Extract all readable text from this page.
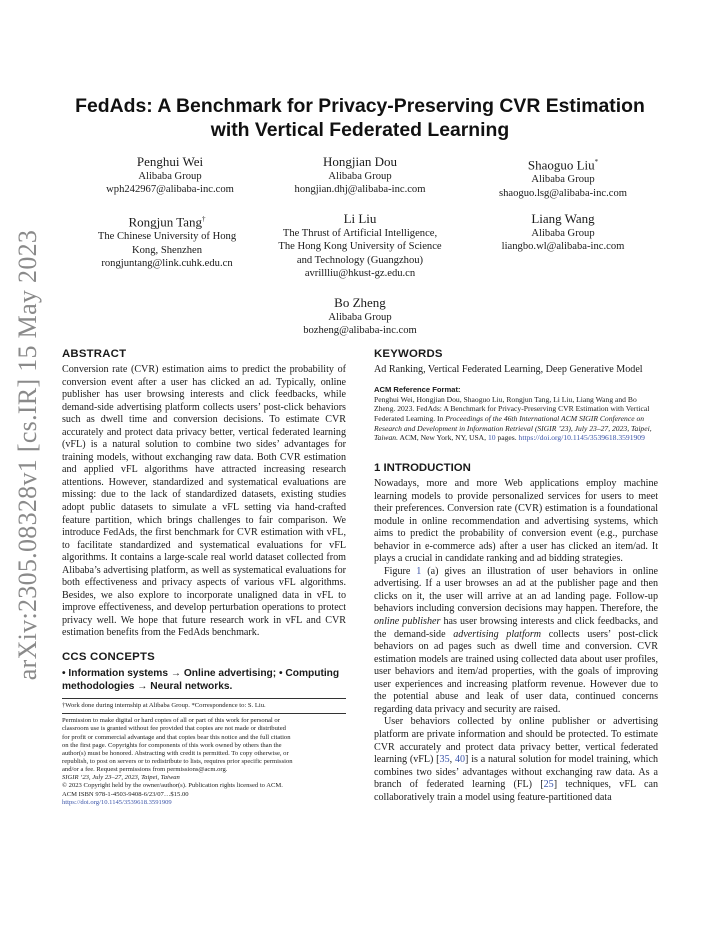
arXiv:2305.08328v1 [cs.IR] 15 May 2023
FedAds: A Benchmark for Privacy-Preserving CVR Estimation
with Vertical Federated Learning
Penghui Wei
Alibaba Group
wph242967@alibaba-inc.com
Hongjian Dou
Alibaba Group
hongjian.dhj@alibaba-inc.com
Shaoguo Liu*
Alibaba Group
shaoguo.lsg@alibaba-inc.com
Rongjun Tang†
The Chinese University of Hong
Kong, Shenzhen
rongjuntang@link.cuhk.edu.cn
Li Liu
The Thrust of Artificial Intelligence,
The Hong Kong University of Science
and Technology (Guangzhou)
avrillliu@hkust-gz.edu.cn
Liang Wang
Alibaba Group
liangbo.wl@alibaba-inc.com
Bo Zheng
Alibaba Group
bozheng@alibaba-inc.com
ABSTRACT

Conversion rate (CVR) estimation aims to predict the probability of conversion event after a user has clicked an ad. Typically, online publisher has user browsing interests and click feedbacks, while demand-side advertising platform collects users’ post-click behaviors such as dwell time and conversion decisions. To estimate CVR accurately and protect data privacy better, vertical federated learning (vFL) is a natural solution to combine two sides’ advantages for training models, without exchanging raw data. Both CVR estimation and applied vFL algorithms have attracted increasing research attentions. However, standardized and systematical evaluations are missing: due to the lack of standardized datasets, existing studies adopt public datasets to simulate a vFL setting via hand-crafted feature partition, which brings challenges to fair comparison. We introduce FedAds, the first benchmark for CVR estimation with vFL, to facilitate standardized and systematical evaluations for vFL algorithms. It contains a large-scale real world dataset collected from Alibaba’s advertising platform, as well as systematical evaluations for both effectiveness and privacy aspects of various vFL algorithms. Besides, we also explore to incorporate unaligned data in vFL to improve effectiveness, and develop perturbation operations to protect privacy well. We hope that future research work in vFL and CVR estimation benefits from the FedAds benchmark.

CCS CONCEPTS

• Information systems → Online advertising; • Computing methodologies → Neural networks.

†Work done during internship at Alibaba Group. *Correspondence to: S. Liu.

Permission to make digital or hard copies of all or part of this work for personal or
classroom use is granted without fee provided that copies are not made or distributed
for profit or commercial advantage and that copies bear this notice and the full citation
on the first page. Copyrights for components of this work owned by others than the
author(s) must be honored. Abstracting with credit is permitted. To copy otherwise, or
republish, to post on servers or to redistribute to lists, requires prior specific permission
and/or a fee. Request permissions from permissions@acm.org.
SIGIR ’23, July 23–27, 2023, Taipei, Taiwan
© 2023 Copyright held by the owner/author(s). Publication rights licensed to ACM.
ACM ISBN 978-1-4503-9408-6/23/07…$15.00
https://doi.org/10.1145/3539618.3591909
KEYWORDS

Ad Ranking, Vertical Federated Learning, Deep Generative Model

ACM Reference Format:

Penghui Wei, Hongjian Dou, Shaoguo Liu, Rongjun Tang, Li Liu, Liang Wang and Bo Zheng. 2023. FedAds: A Benchmark for Privacy-Preserving CVR Estimation with Vertical Federated Learning. In Proceedings of the 46th International ACM SIGIR Conference on Research and Development in Information Retrieval (SIGIR ’23), July 23–27, 2023, Taipei, Taiwan. ACM, New York, NY, USA, 10 pages. https://doi.org/10.1145/3539618.3591909

1 INTRODUCTION

Nowadays, more and more Web applications employ machine learning models to provide personalized services for users to meet their preferences. Conversion rate (CVR) estimation is a foundational module in online recommendation and advertising systems, which aims to predict the probability of conversion event (e.g., purchase behavior in e-commerce ads) after a user has clicked an item/ad. It plays a crucial in candidate ranking and ad bidding strategies.

Figure 1 (a) gives an illustration of user behaviors in online advertising. If a user browses an ad at the publisher page and then clicks on it, the user will arrive at an ad landing page. Follow-up behaviors including conversion decisions may happen. Therefore, the online publisher has user browsing interests and click feedbacks, and the demand-side advertising platform collects users’ post-click behaviors on ad pages such as dwell time and conversion. CVR estimation models are trained using collected data about user profiles, user behaviors and item/ad properties, with the goals of improving user experiences and increasing platform revenue. However due to the potential abuse and leak of user data, continued concerns regarding data privacy and security are raised.

User behaviors collected by online publisher or advertising platform are private information and should be protected. To estimate CVR accurately and protect data privacy better, vertical federated learning (vFL) [35, 40] is a natural solution for model training, which combines two sides’ advantages without exchanging raw data. As a branch of federated learning (FL) [25] techniques, vFL can collaboratively train a model using feature-partitioned data
